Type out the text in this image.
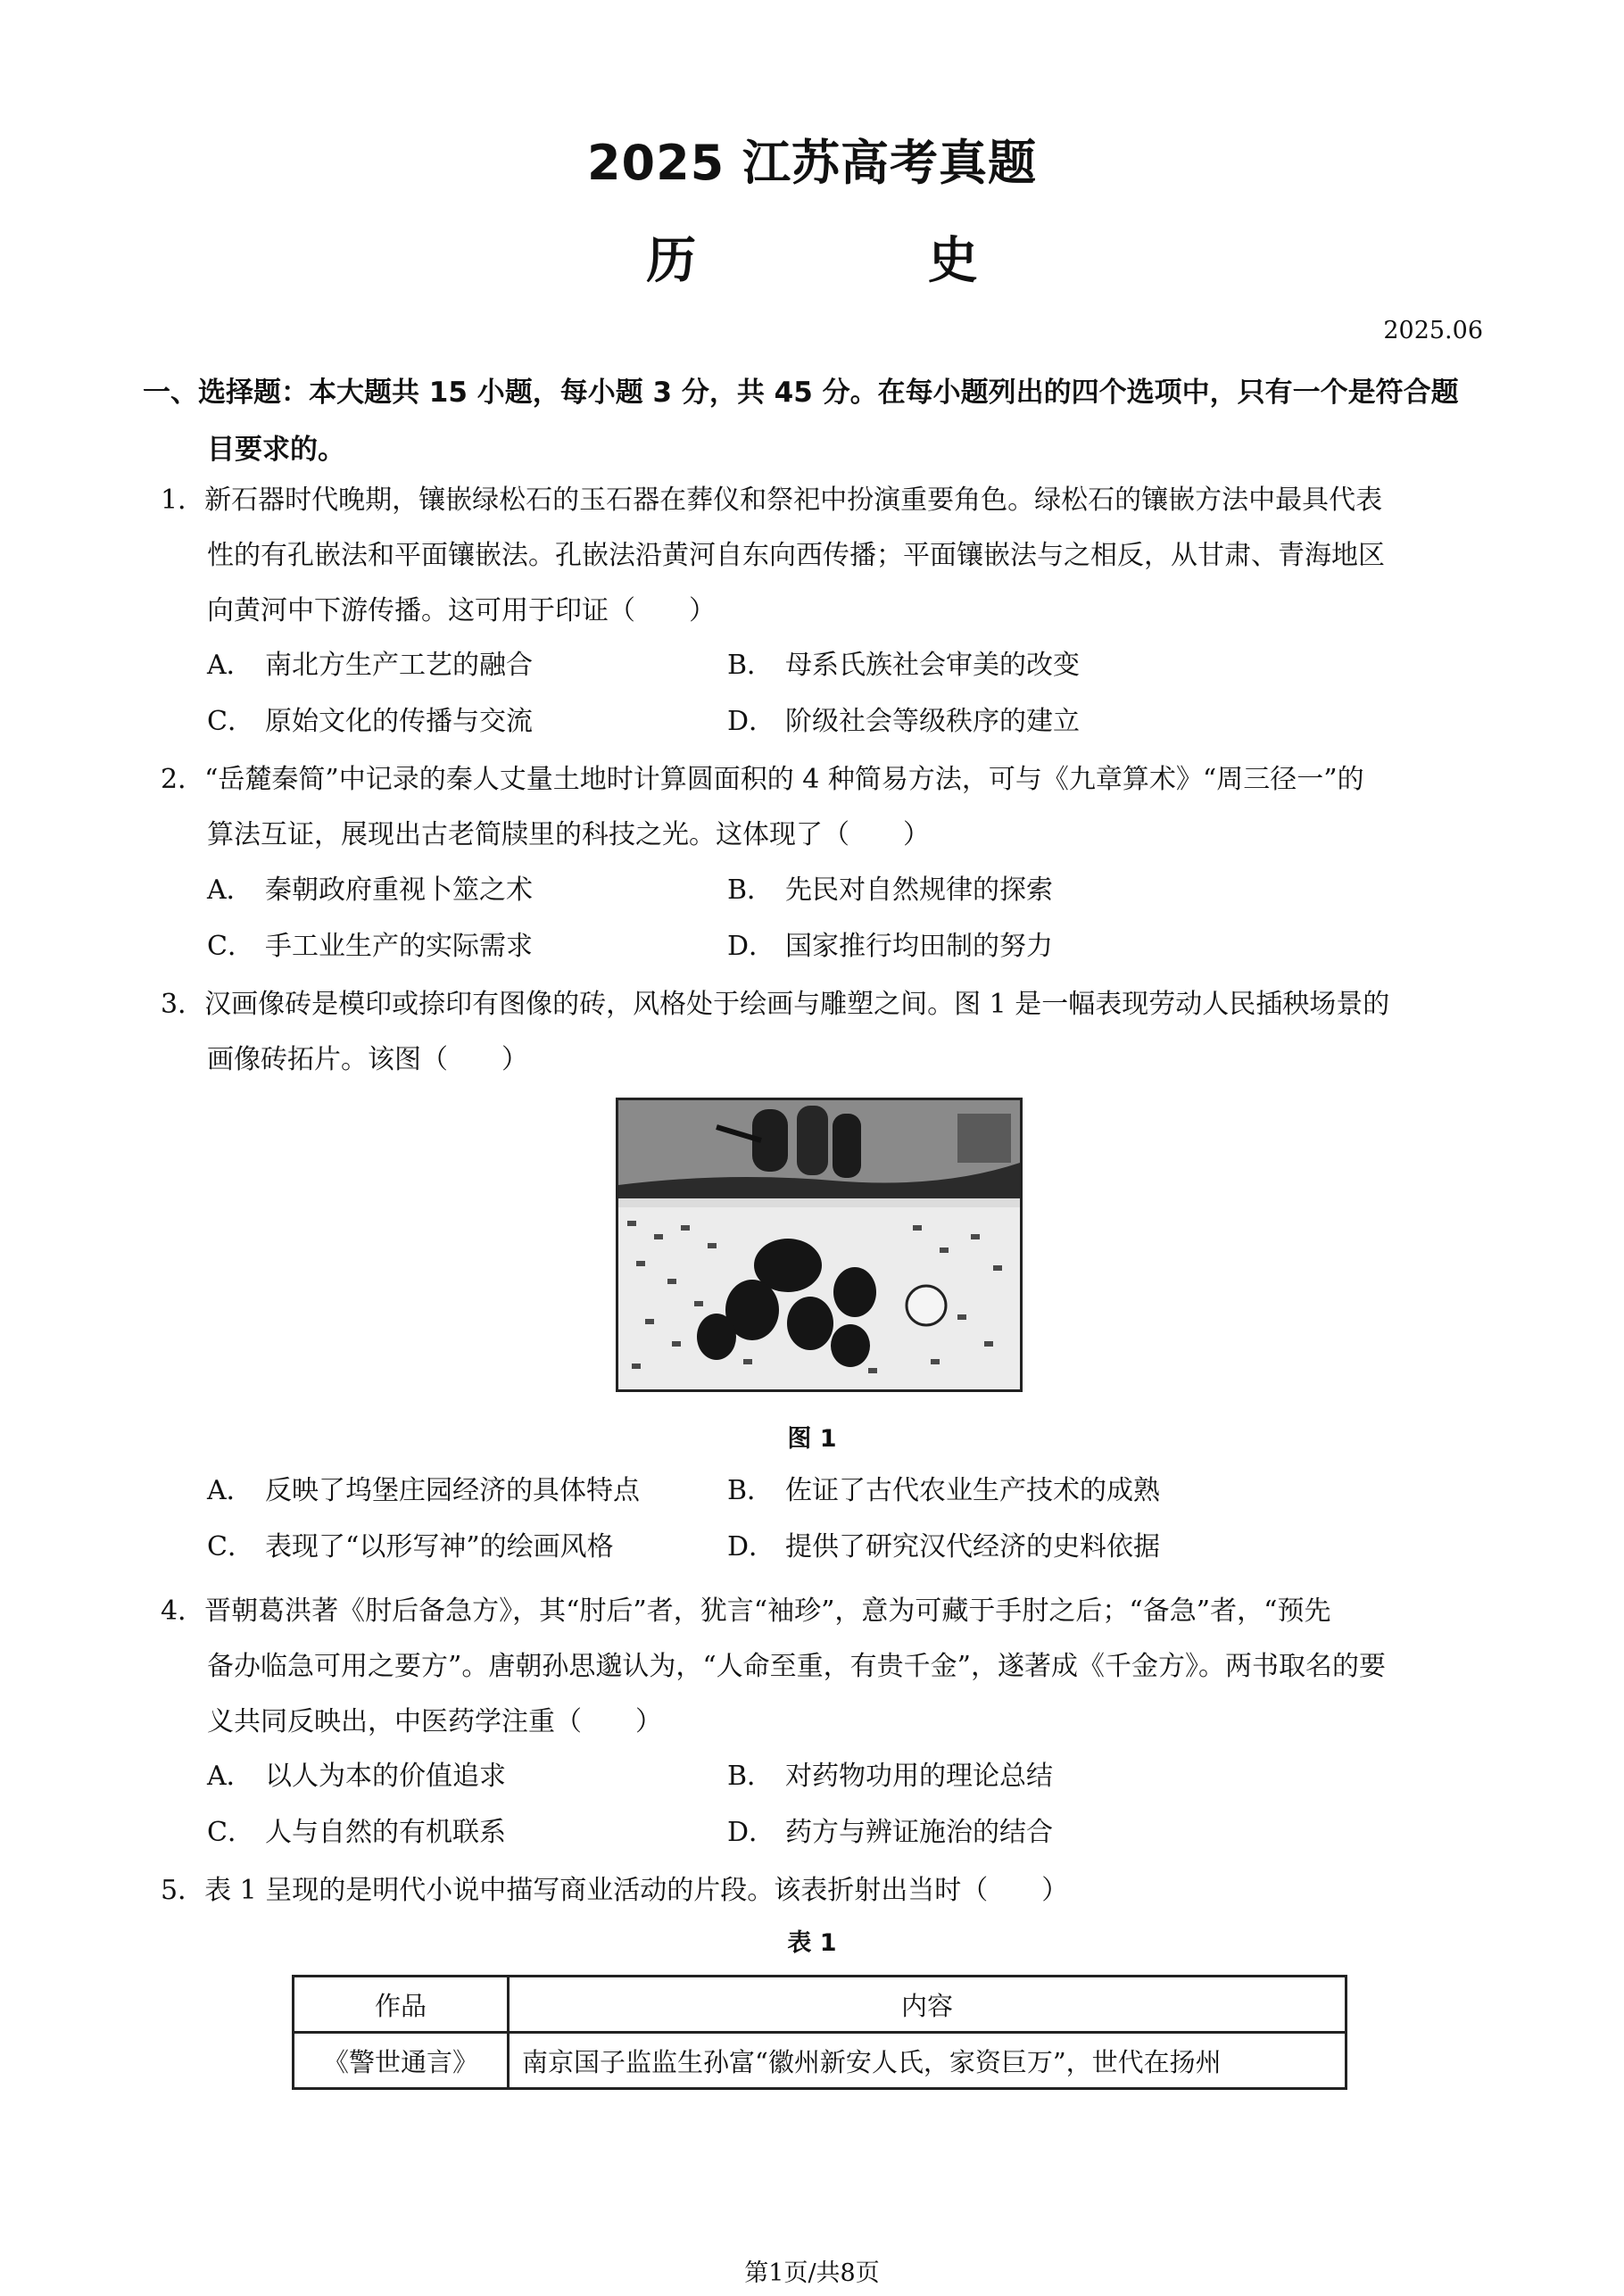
2025 江苏高考真题
历 史
2025.06
一、选择题：本大题共 15 小题，每小题 3 分，共 45 分。在每小题列出的四个选项中，只有一个是符合题
目要求的。
1．新石器时代晚期，镶嵌绿松石的玉石器在葬仪和祭祀中扮演重要角色。绿松石的镶嵌方法中最具代表
性的有孔嵌法和平面镶嵌法。孔嵌法沿黄河自东向西传播；平面镶嵌法与之相反，从甘肃、青海地区
向黄河中下游传播。这可用于印证（　　）
A． 南北方生产工艺的融合	B． 母系氏族社会审美的改变
C． 原始文化的传播与交流	D． 阶级社会等级秩序的建立
2．“岳麓秦简”中记录的秦人丈量土地时计算圆面积的 4 种简易方法，可与《九章算术》“周三径一”的
算法互证，展现出古老简牍里的科技之光。这体现了（　　）
A． 秦朝政府重视卜筮之术	B． 先民对自然规律的探索
C． 手工业生产的实际需求	D． 国家推行均田制的努力
3．汉画像砖是模印或捺印有图像的砖，风格处于绘画与雕塑之间。图 1 是一幅表现劳动人民插秧场景的
画像砖拓片。该图（　　）
图 1
A． 反映了坞堡庄园经济的具体特点	B． 佐证了古代农业生产技术的成熟
C． 表现了“以形写神”的绘画风格	D． 提供了研究汉代经济的史料依据
4．晋朝葛洪著《肘后备急方》，其“肘后”者，犹言“袖珍”，意为可藏于手肘之后；“备急”者，“预先
备办临急可用之要方”。唐朝孙思邈认为，“人命至重，有贵千金”，遂著成《千金方》。两书取名的要
义共同反映出，中医药学注重（　　）
A． 以人为本的价值追求	B． 对药物功用的理论总结
C． 人与自然的有机联系	D． 药方与辨证施治的结合
5．表 1 呈现的是明代小说中描写商业活动的片段。该表折射出当时（　　）
表 1
作品	内容
《警世通言》	南京国子监监生孙富“徽州新安人氏，家资巨万”，世代在扬州
第1页/共8页
